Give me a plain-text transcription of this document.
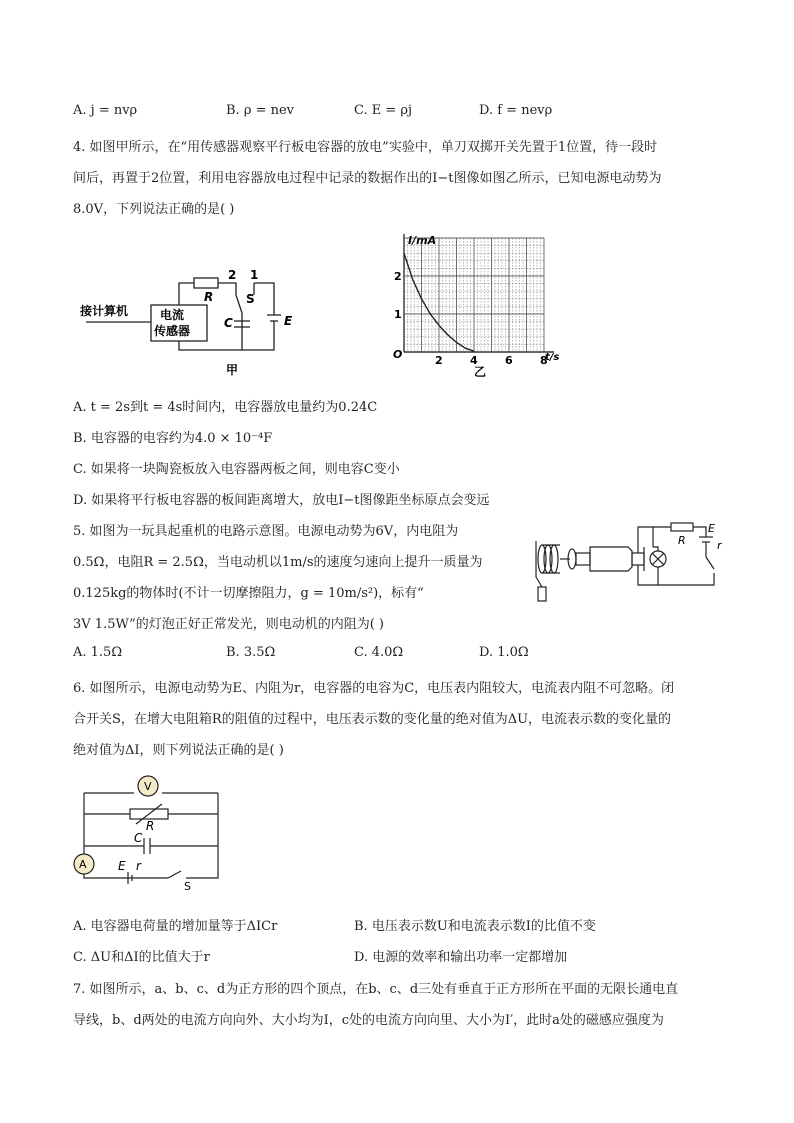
A. j = nvρ	B. ρ = nev	C. E = ρj	D. f = nevρ
4. 如图甲所示，在“用传感器观察平行板电容器的放电”实验中，单刀双掷开关先置于1位置，待一段时
间后，再置于2位置，利用电容器放电过程中记录的数据作出的I−t图像如图乙所示，已知电源电动势为
8.0V，下列说法正确的是( )
电流
传感器
接计算机
R
2 1
S
C	E
甲
I/mA
t/s
O
乙
2 4 6 8
1
2
A. t = 2s到t = 4s时间内，电容器放电量约为0.24C
B. 电容器的电容约为4.0 × 10⁻⁴F
C. 如果将一块陶瓷板放入电容器两板之间，则电容C变小
D. 如果将平行板电容器的板间距离增大，放电I−t图像距坐标原点会变远
5. 如图为一玩具起重机的电路示意图。电源电动势为6V，内电阻为
0.5Ω，电阻R = 2.5Ω，当电动机以1m/s的速度匀速向上提升一质量为
0.125kg的物体时(不计一切摩擦阻力，g = 10m/s²)，标有“
3V 1.5W”的灯泡正好正常发光，则电动机的内阻为( )
R
E
r
A. 1.5Ω	B. 3.5Ω	C. 4.0Ω	D. 1.0Ω
6. 如图所示，电源电动势为E、内阻为r，电容器的电容为C，电压表内阻较大，电流表内阻不可忽略。闭
合开关S，在增大电阻箱R的阻值的过程中，电压表示数的变化量的绝对值为ΔU，电流表示数的变化量的
绝对值为ΔI，则下列说法正确的是( )
V
A
R
C
E r
S
A. 电容器电荷量的增加量等于ΔICr	B. 电压表示数U和电流表示数I的比值不变
C. ΔU和ΔI的比值大于r	D. 电源的效率和输出功率一定都增加
7. 如图所示，a、b、c、d为正方形的四个顶点，在b、c、d三处有垂直于正方形所在平面的无限长通电直
导线，b、d两处的电流方向向外、大小均为I，c处的电流方向向里、大小为I′，此时a处的磁感应强度为
